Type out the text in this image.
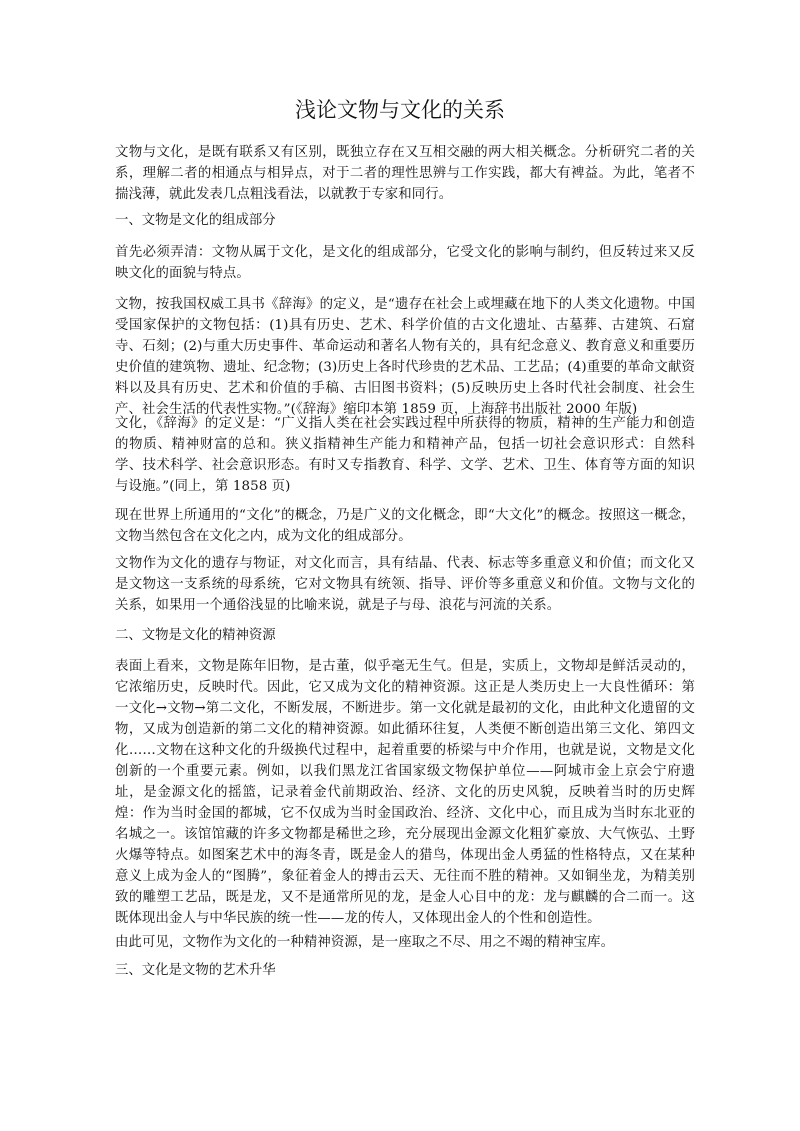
浅论文物与文化的关系

文物与文化，是既有联系又有区别，既独立存在又互相交融的两大相关概念。分析研究二者的关系，理解二者的相通点与相异点，对于二者的理性思辨与工作实践，都大有裨益。为此，笔者不揣浅薄，就此发表几点粗浅看法，以就教于专家和同行。

一、文物是文化的组成部分

首先必须弄清：文物从属于文化，是文化的组成部分，它受文化的影响与制约，但反转过来又反映文化的面貌与特点。

文物，按我国权威工具书《辞海》的定义，是“遗存在社会上或埋藏在地下的人类文化遗物。中国受国家保护的文物包括：(1)具有历史、艺术、科学价值的古文化遗址、古墓葬、古建筑、石窟寺、石刻；(2)与重大历史事件、革命运动和著名人物有关的，具有纪念意义、教育意义和重要历史价值的建筑物、遗址、纪念物；(3)历史上各时代珍贵的艺术品、工艺品；(4)重要的革命文献资料以及具有历史、艺术和价值的手稿、古旧图书资料；(5)反映历史上各时代社会制度、社会生产、社会生活的代表性实物。”(《辞海》缩印本第 1859 页，上海辞书出版社 2000 年版)

文化，《辞海》的定义是：“广义指人类在社会实践过程中所获得的物质，精神的生产能力和创造的物质、精神财富的总和。狭义指精神生产能力和精神产品，包括一切社会意识形式：自然科学、技术科学、社会意识形态。有时又专指教育、科学、文学、艺术、卫生、体育等方面的知识与设施。”(同上，第 1858 页)

现在世界上所通用的“文化”的概念，乃是广义的文化概念，即“大文化”的概念。按照这一概念，文物当然包含在文化之内，成为文化的组成部分。

文物作为文化的遗存与物证，对文化而言，具有结晶、代表、标志等多重意义和价值；而文化又是文物这一支系统的母系统，它对文物具有统领、指导、评价等多重意义和价值。文物与文化的关系，如果用一个通俗浅显的比喻来说，就是子与母、浪花与河流的关系。

二、文物是文化的精神资源

表面上看来，文物是陈年旧物，是古董，似乎毫无生气。但是，实质上，文物却是鲜活灵动的，它浓缩历史，反映时代。因此，它又成为文化的精神资源。这正是人类历史上一大良性循环：第一文化→文物→第二文化，不断发展，不断进步。第一文化就是最初的文化，由此种文化遗留的文物，又成为创造新的第二文化的精神资源。如此循环往复，人类便不断创造出第三文化、第四文化……文物在这种文化的升级换代过程中，起着重要的桥梁与中介作用，也就是说，文物是文化创新的一个重要元素。例如，以我们黑龙江省国家级文物保护单位——阿城市金上京会宁府遗址，是金源文化的摇篮，记录着金代前期政治、经济、文化的历史风貌，反映着当时的历史辉煌：作为当时金国的都城，它不仅成为当时金国政治、经济、文化中心，而且成为当时东北亚的名城之一。该馆馆藏的许多文物都是稀世之珍，充分展现出金源文化粗犷豪放、大气恢弘、土野火爆等特点。如图案艺术中的海冬青，既是金人的猎鸟，体现出金人勇猛的性格特点，又在某种意义上成为金人的“图腾”，象征着金人的搏击云天、无往而不胜的精神。又如铜坐龙，为精美别致的雕塑工艺品，既是龙，又不是通常所见的龙，是金人心目中的龙：龙与麒麟的合二而一。这既体现出金人与中华民族的统一性——龙的传人，又体现出金人的个性和创造性。

由此可见，文物作为文化的一种精神资源，是一座取之不尽、用之不竭的精神宝库。

三、文化是文物的艺术升华
